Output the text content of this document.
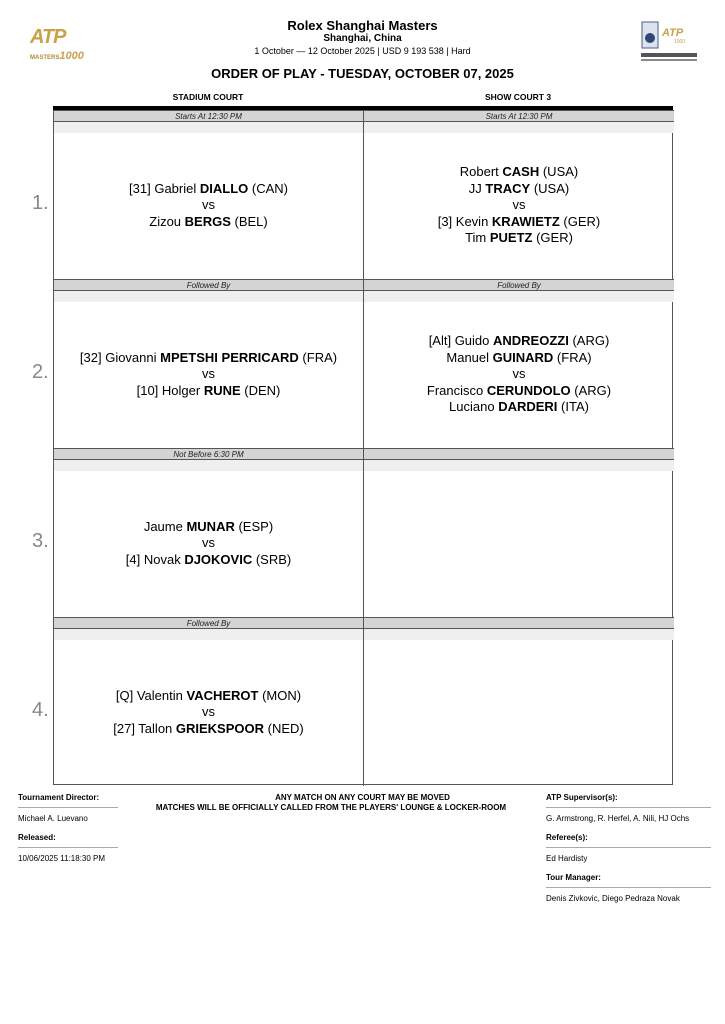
ATP
MASTERS1000
ATP
1000
Rolex Shanghai Masters
Shanghai, China
1 October — 12 October 2025 | USD 9 193 538 | Hard
ORDER OF PLAY - TUESDAY, OCTOBER 07, 2025
STADIUM COURT	SHOW COURT 3
Starts At 12:30 PM
[31] Gabriel DIALLO (CAN)
vs
Zizou BERGS (BEL)
Starts At 12:30 PM
Robert CASH (USA)
JJ TRACY (USA)
vs
[3] Kevin KRAWIETZ (GER)
Tim PUETZ (GER)
Followed By
[32] Giovanni MPETSHI PERRICARD (FRA)
vs
[10] Holger RUNE (DEN)
Followed By
[Alt] Guido ANDREOZZI (ARG)
Manuel GUINARD (FRA)
vs
Francisco CERUNDOLO (ARG)
Luciano DARDERI (ITA)
Not Before 6:30 PM
Jaume MUNAR (ESP)
vs
[4] Novak DJOKOVIC (SRB)
Followed By
[Q] Valentin VACHEROT (MON)
vs
[27] Tallon GRIEKSPOOR (NED)
1.
2.
3.
4.
Tournament Director:
Michael A. Luevano
Released:
10/06/2025 11:18:30 PM
ANY MATCH ON ANY COURT MAY BE MOVED
MATCHES WILL BE OFFICIALLY CALLED FROM THE PLAYERS' LOUNGE & LOCKER-ROOM
ATP Supervisor(s):
G. Armstrong, R. Herfel, A. Nili, HJ Ochs
Referee(s):
Ed Hardisty
Tour Manager:
Denis Zivkovic, Diego Pedraza Novak
